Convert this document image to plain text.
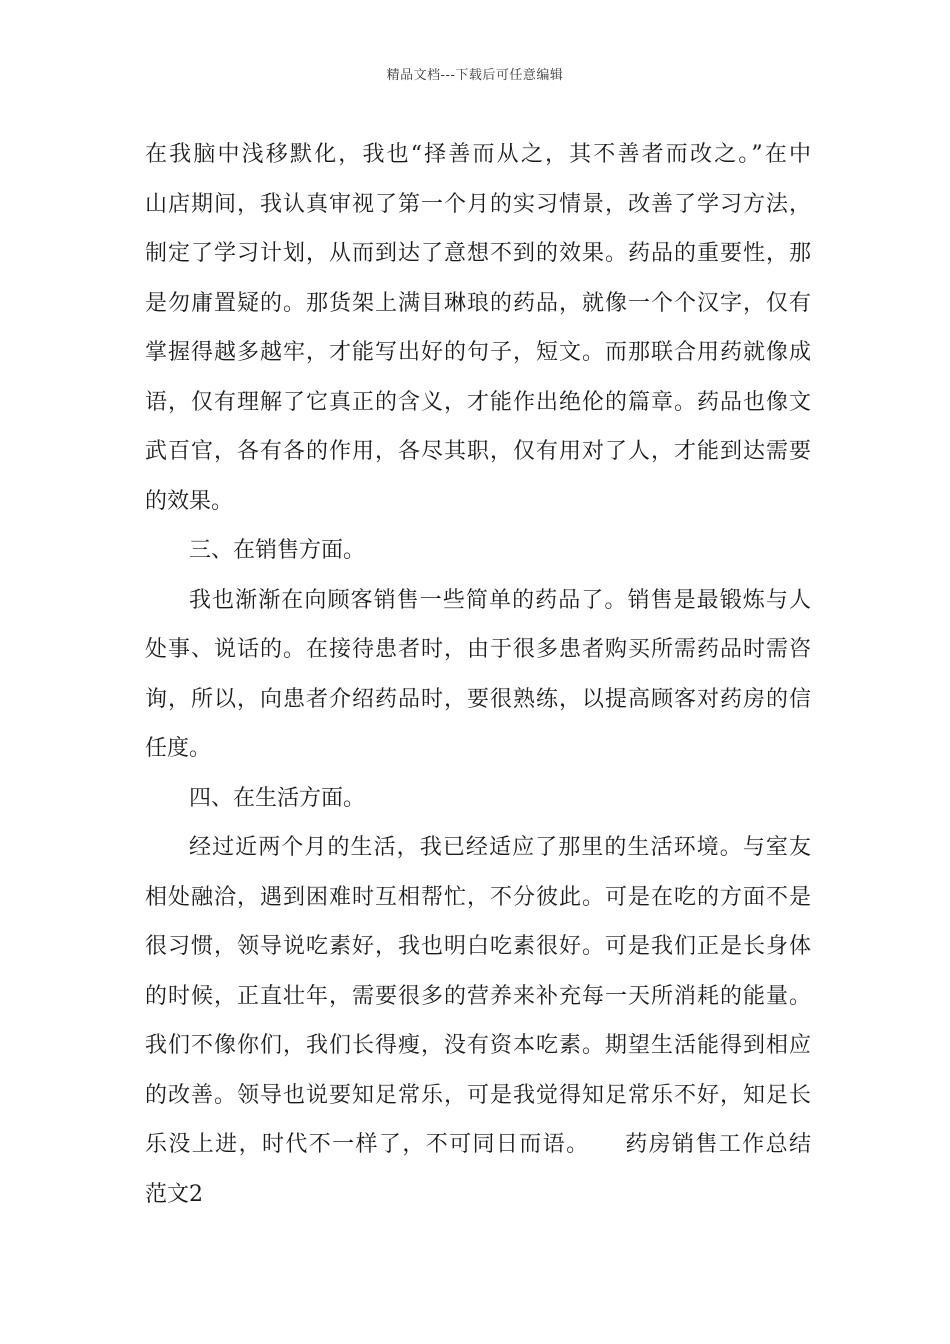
精品文档---下载后可任意编辑
在我脑中浅移默化，我也“择善而从之，其不善者而改之。”在中
山店期间，我认真审视了第一个月的实习情景，改善了学习方法，
制定了学习计划，从而到达了意想不到的效果。药品的重要性，那
是勿庸置疑的。那货架上满目琳琅的药品，就像一个个汉字，仅有
掌握得越多越牢，才能写出好的句子，短文。而那联合用药就像成
语，仅有理解了它真正的含义，才能作出绝伦的篇章。药品也像文
武百官，各有各的作用，各尽其职，仅有用对了人，才能到达需要
的效果。
三、在销售方面。
我也渐渐在向顾客销售一些简单的药品了。销售是最锻炼与人
处事、说话的。在接待患者时，由于很多患者购买所需药品时需咨
询，所以，向患者介绍药品时，要很熟练，以提高顾客对药房的信
任度。
四、在生活方面。
经过近两个月的生活，我已经适应了那里的生活环境。与室友
相处融洽，遇到困难时互相帮忙，不分彼此。可是在吃的方面不是
很习惯，领导说吃素好，我也明白吃素很好。可是我们正是长身体
的时候，正直壮年，需要很多的营养来补充每一天所消耗的能量。
我们不像你们，我们长得瘦，没有资本吃素。期望生活能得到相应
的改善。领导也说要知足常乐，可是我觉得知足常乐不好，知足长
乐没上进，时代不一样了，不可同日而语。　　药房销售工作总结
范文2
